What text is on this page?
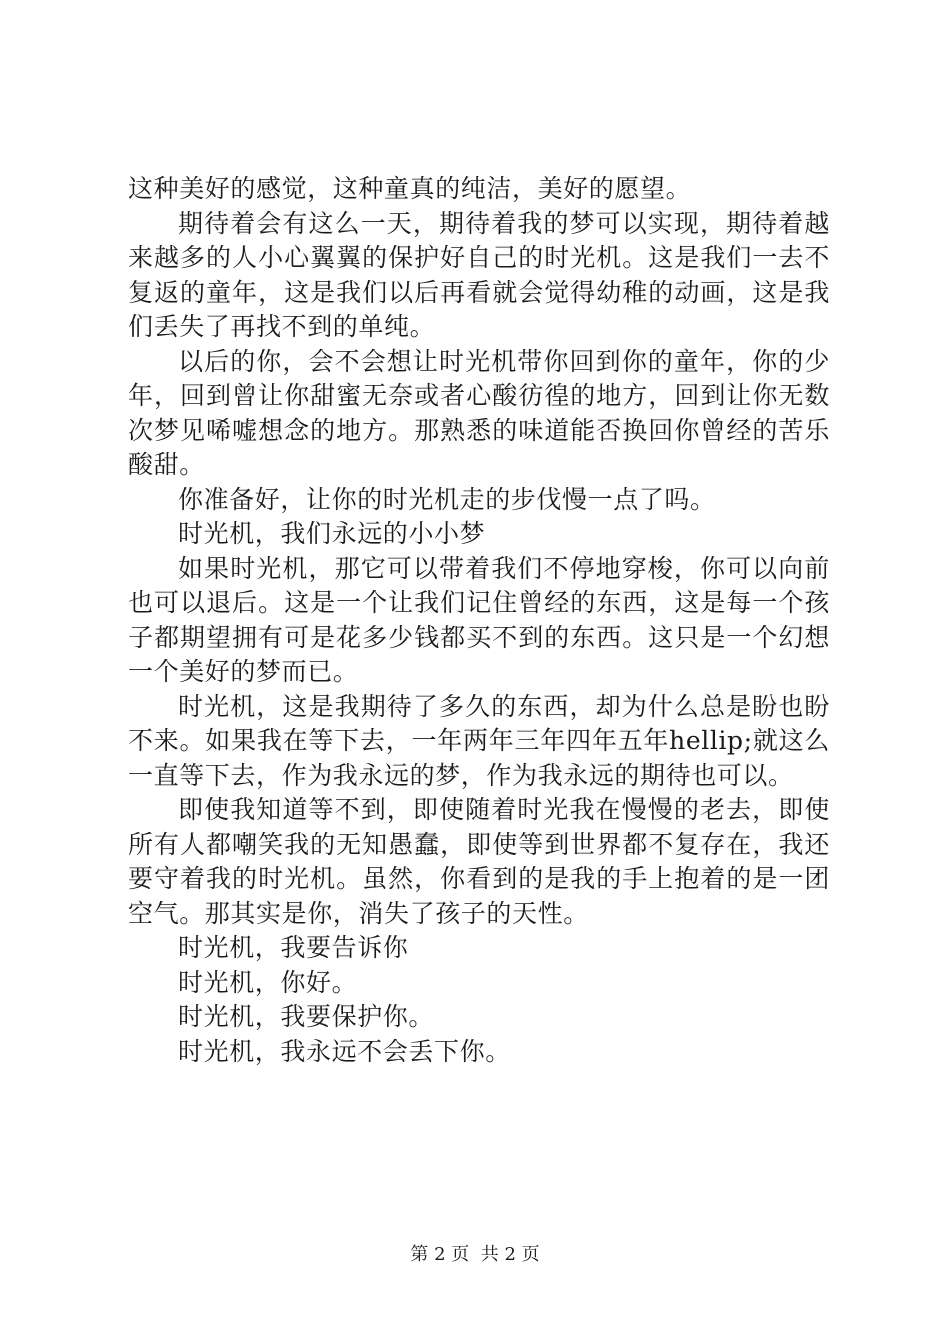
这种美好的感觉，这种童真的纯洁，美好的愿望。

期待着会有这么一天，期待着我的梦可以实现，期待着越来越多的人小心翼翼的保护好自己的时光机。这是我们一去不复返的童年，这是我们以后再看就会觉得幼稚的动画，这是我们丢失了再找不到的单纯。

以后的你，会不会想让时光机带你回到你的童年，你的少年，回到曾让你甜蜜无奈或者心酸彷徨的地方，回到让你无数次梦见唏嘘想念的地方。那熟悉的味道能否换回你曾经的苦乐酸甜。

你准备好，让你的时光机走的步伐慢一点了吗。

时光机，我们永远的小小梦

如果时光机，那它可以带着我们不停地穿梭，你可以向前也可以退后。这是一个让我们记住曾经的东西，这是每一个孩子都期望拥有可是花多少钱都买不到的东西。这只是一个幻想一个美好的梦而已。

时光机，这是我期待了多久的东西，却为什么总是盼也盼不来。如果我在等下去，一年两年三年四年五年hellip;就这么一直等下去，作为我永远的梦，作为我永远的期待也可以。

即使我知道等不到，即使随着时光我在慢慢的老去，即使所有人都嘲笑我的无知愚蠢，即使等到世界都不复存在，我还要守着我的时光机。虽然，你看到的是我的手上抱着的是一团空气。那其实是你，消失了孩子的天性。

时光机，我要告诉你

时光机，你好。

时光机，我要保护你。

时光机，我永远不会丢下你。

第 2 页 共 2 页
